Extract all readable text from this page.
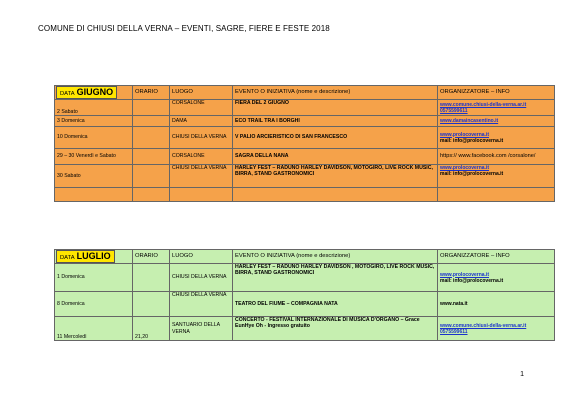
COMUNE DI CHIUSI DELLA VERNA – EVENTI, SAGRE, FIERE E FESTE 2018
DATA GIUGNO	ORARIO	LUOGO	EVENTO O INIZIATIVA (nome e descrizione)	ORGANIZZATORE – INFO
2 Sabato		CORSALONE	FIERA DEL 2 GIUGNO	www.comune.chiusi-della-verna.ar.it
0575599611

3 Domenica		DAMA	ECO TRAIL TRA I BORGHI	www.damaincasentino.it

10 Domenica		CHIUSI DELLA VERNA	V PALIO ARCIERISTICO DI SAN FRANCESCO	www.prolocoverna.it
mail: info@prolocoverna.it

29 – 30 Venerdì e Sabato		CORSALONE	SAGRA DELLA NANA	https:// www.facebook.com /corsalone/

30 Sabato		CHIUSI DELLA VERNA	HARLEY FEST – RADUNO HARLEY DAVIDSON, MOTOGIRO, LIVE ROCK MUSIC, BIRRA, STAND GASTRONOMICI	www.prolocoverna.it
mail: info@prolocoverna.it

DATA LUGLIO	ORARIO	LUOGO	EVENTO O INIZIATIVA (nome e descrizione)	ORGANIZZATORE – INFO
1 Domenica		CHIUSI DELLA VERNA	HARLEY FEST – RADUNO HARLEY DAVIDSON , MOTOGIRO, LIVE ROCK MUSIC, BIRRA, STAND GASTRONOMICI	www.prolocoverna.it
mail: info@prolocoverna.it

8 Domenica		CHIUSI DELLA VERNA	TEATRO DEL FIUME – COMPAGNIA NATA	www.nata.it

11 Mercoledì	21,20	SANTUARIO DELLA VERNA	CONCERTO - FESTIVAL INTERNAZIONALE DI MUSICA D'ORGANO – Grace EunHye Oh - Ingresso gratuito	www.comune.chiusi-della-verna.ar.it
0575599611
1
